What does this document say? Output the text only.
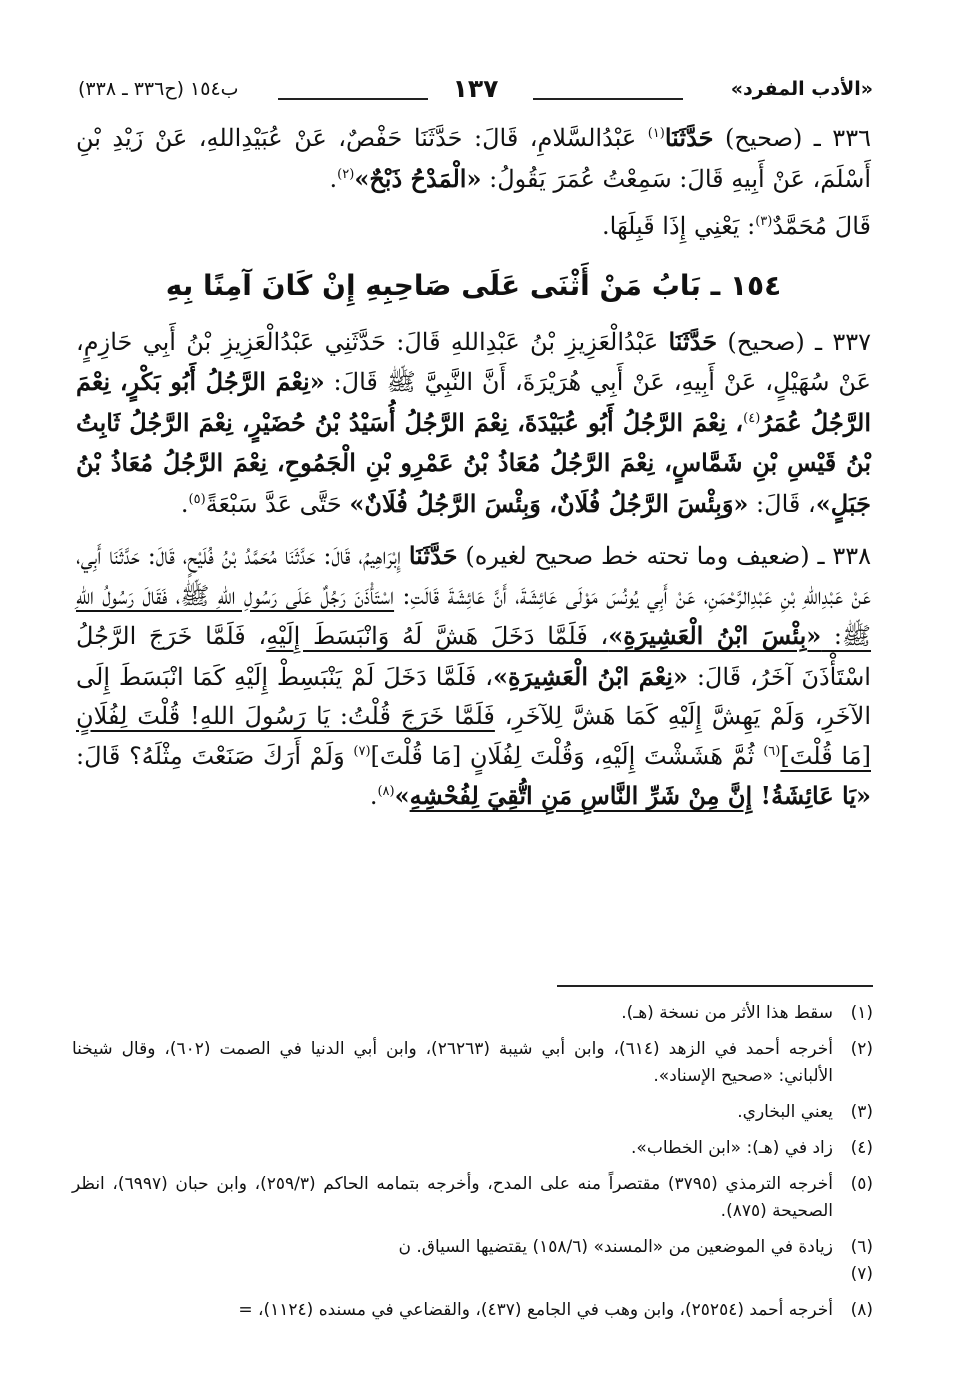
«الأدب المفرد»
١٣٧
ب١٥٤ (ح٣٣٦ ـ ٣٣٨)

٣٣٦ ـ (صحيح) حَدَّثَنَا$^{(١)}$ عَبْدُالسَّلامِ، قَالَ: حَدَّثَنَا حَفْصٌ، عَنْ عُبَيْدِاللهِ، عَنْ زَيْدِ بْنِ أَسْلَمَ، عَنْ أَبِيهِ قَالَ: سَمِعْتُ عُمَرَ يَقُولُ: «الْمَدْحُ ذَبْحٌ»$^{(٢)}$.

قَالَ مُحَمَّدٌ$^{(٣)}$: يَعْنِي إِذَا قَبِلَهَا.

١٥٤ ـ بَابُ مَنْ أَثْنَى عَلَى صَاحِبِهِ إِنْ كَانَ آمِنًا بِهِ

٣٣٧ ـ (صحيح) حَدَّثَنَا عَبْدُالْعَزِيزِ بْنُ عَبْدِاللهِ قَالَ: حَدَّثَنِي عَبْدُالْعَزِيزِ بْنُ أَبِي حَازِمٍ، عَنْ سُهَيْلٍ، عَنْ أَبِيهِ، عَنْ أَبِي هُرَيْرَةَ، أَنَّ النَّبِيَّ ﷺ قَالَ: «نِعْمَ الرَّجُلُ أَبُو بَكْرٍ، نِعْمَ الرَّجُلُ عُمَرُ$^{(٤)}$، نِعْمَ الرَّجُلُ أَبُو عُبَيْدَةَ، نِعْمَ الرَّجُلُ أُسَيْدُ بْنُ حُضَيْرٍ، نِعْمَ الرَّجُلُ ثَابِتُ بْنُ قَيْسِ بْنِ شَمَّاسٍ، نِعْمَ الرَّجُلُ مُعَاذُ بْنُ عَمْرِو بْنِ الْجَمُوحِ، نِعْمَ الرَّجُلُ مُعَاذُ بْنُ جَبَلٍ»، قَالَ: «وَبِئْسَ الرَّجُلُ فُلَانٌ، وَبِئْسَ الرَّجُلُ فُلَانٌ» حَتَّى عَدَّ سَبْعَةً$^{(٥)}$.

٣٣٨ ـ (ضعيف وما تحته خط صحيح لغيره) حَدَّثَنَا إِبْرَاهِيمُ، قَالَ: حَدَّثَنَا مُحَمَّدُ بْنُ فُلَيْحٍ، قَالَ: حَدَّثَنَا أَبِي، عَنْ عَبْدِاللهِ بْنِ عَبْدِالرَّحْمَنِ، عَنْ أَبِي يُونُسَ مَوْلَى عَائِشَةَ، أَنَّ عَائِشَةَ قَالَتِ: اسْتَأْذَنَ رَجُلٌ عَلَى رَسُولِ اللهِ ﷺ، فَقَالَ رَسُولُ اللهِ ﷺ: «بِئْسَ ابْنُ الْعَشِيرَةِ»، فَلَمَّا دَخَلَ هَشَّ لَهُ وَانْبَسَطَ إِلَيْهِ، فَلَمَّا خَرَجَ الرَّجُلُ اسْتَأْذَنَ آخَرُ، قَالَ: «نِعْمَ ابْنُ الْعَشِيرَةِ»، فَلَمَّا دَخَلَ لَمْ يَنْبَسِطْ إِلَيْهِ كَمَا انْبَسَطَ إِلَى الآخَرِ، وَلَمْ يَهِشَّ إِلَيْهِ كَمَا هَشَّ لِلآخَرِ، فَلَمَّا خَرَجَ قُلْتُ: يَا رَسُولَ اللهِ! قُلْتَ لِفُلَانٍ [مَا قُلْتَ]$^{(٦)}$ ثُمَّ هَشَشْتَ إِلَيْهِ، وَقُلْتَ لِفُلَانٍ [مَا قُلْتَ]$^{(٧)}$ وَلَمْ أَرَكَ صَنَعْتَ مِثْلَهُ؟ قَالَ: «يَا عَائِشَةُ! إِنَّ مِنْ شَرِّ النَّاسِ مَنِ اتُّقِيَ لِفُحْشِهِ»$^{(٨)}$.

(١)
سقط هذا الأثر من نسخة (هـ).
(٢)
أخرجه أحمد في الزهد (٦١٤)، وابن أبي شيبة (٢٦٢٦٣)، وابن أبي الدنيا في الصمت (٦٠٢)، وقال شيخنا الألباني: «صحيح الإسناد».
(٣)
يعني البخاري.
(٤)
زاد في (هـ): «ابن الخطاب».
(٥)
أخرجه الترمذي (٣٧٩٥) مقتصراً منه على المدح، وأخرجه بتمامه الحاكم (٢٥٩/٣)، وابن حبان (٦٩٩٧)، انظر الصحيحة (٨٧٥).
(٦)(٧)
زيادة في الموضعين من «المسند» (١٥٨/٦) يقتضيها السياق. ن
(٨)
أخرجه أحمد (٢٥٢٥٤)، وابن وهب في الجامع (٤٣٧)، والقضاعي في مسنده (١١٢٤)، =
